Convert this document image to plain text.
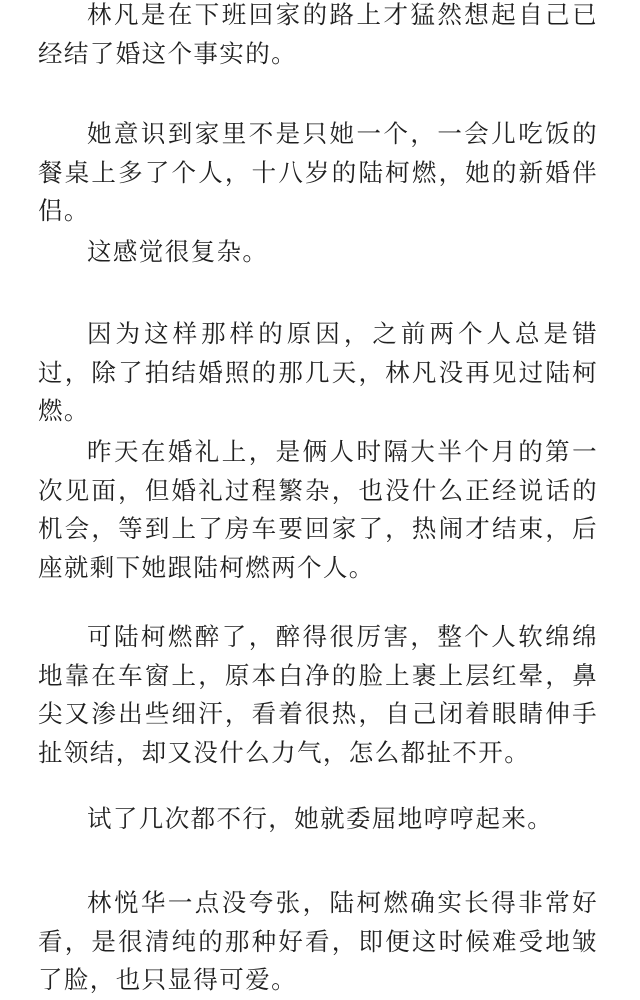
林凡是在下班回家的路上才猛然想起自己已经结了婚这个事实的。

她意识到家里不是只她一个，一会儿吃饭的餐桌上多了个人，十八岁的陆柯燃，她的新婚伴侣。

这感觉很复杂。

因为这样那样的原因，之前两个人总是错过，除了拍结婚照的那几天，林凡没再见过陆柯燃。

昨天在婚礼上，是俩人时隔大半个月的第一次见面，但婚礼过程繁杂，也没什么正经说话的机会，等到上了房车要回家了，热闹才结束，后座就剩下她跟陆柯燃两个人。

可陆柯燃醉了，醉得很厉害，整个人软绵绵地靠在车窗上，原本白净的脸上裹上层红晕，鼻尖又渗出些细汗，看着很热，自己闭着眼睛伸手扯领结，却又没什么力气，怎么都扯不开。

试了几次都不行，她就委屈地哼哼起来。

林悦华一点没夸张，陆柯燃确实长得非常好看，是很清纯的那种好看，即便这时候难受地皱了脸，也只显得可爱。
